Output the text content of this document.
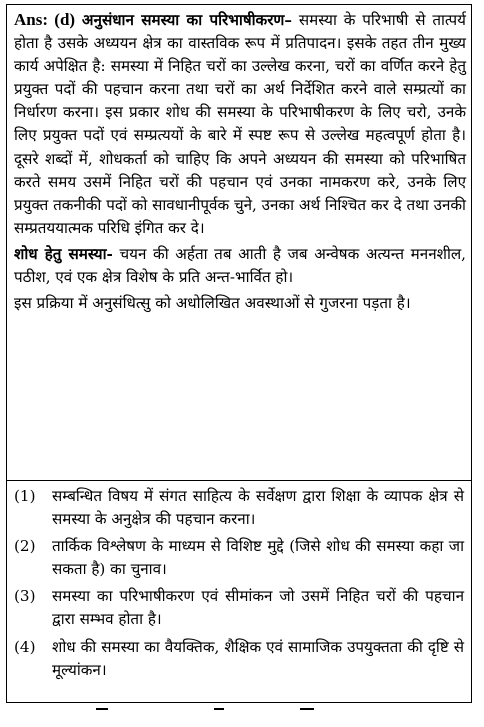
Ans: (d) अनुसंधान समस्या का परिभाषीकरण– समस्या के परिभाषी से तात्पर्य होता है उसके अध्ययन क्षेत्र का वास्तविक रूप में प्रतिपादन। इसके तहत तीन मुख्य कार्य अपेक्षित है: समस्या में निहित चरों का उल्लेख करना, चरों का वर्णित करने हेतु प्रयुक्त पदों की पहचान करना तथा चरों का अर्थ निर्देशित करने वाले सम्प्रत्यों का निर्धारण करना। इस प्रकार शोध की समस्या के परिभाषीकरण के लिए चरो, उनके लिए प्रयुक्त पदों एवं सम्प्रत्ययों के बारे में स्पष्ट रूप से उल्लेख महत्वपूर्ण होता है। दूसरे शब्दों में, शोधकर्ता को चाहिए कि अपने अध्ययन की समस्या को परिभाषित करते समय उसमें निहित चरों की पहचान एवं उनका नामकरण करे, उनके लिए प्रयुक्त तकनीकी पदों को सावधानीपूर्वक चुने, उनका अर्थ निश्चित कर दे तथा उनकी सम्प्रतययात्मक परिधि इंगित कर दे।

शोध हेतु समस्या- चयन की अर्हता तब आती है जब अन्वेषक अत्यन्त मननशील, पठीश, एवं एक क्षेत्र विशेष के प्रति अन्त-भार्वित हो।

इस प्रक्रिया में अनुसंधित्सु को अधोलिखित अवस्थाओं से गुजरना पड़ता है।

(1)	सम्बन्धित विषय में संगत साहित्य के सर्वेक्षण द्वारा शिक्षा के व्यापक क्षेत्र से समस्या के अनुक्षेत्र की पहचान करना।
(2)	तार्किक विश्लेषण के माध्यम से विशिष्ट मुद्दे (जिसे शोध की समस्या कहा जा सकता है) का चुनाव।
(3)	समस्या का परिभाषीकरण एवं सीमांकन जो उसमें निहित चरों की पहचान द्वारा सम्भव होता है।
(4)	शोध की समस्या का वैयक्तिक, शैक्षिक एवं सामाजिक उपयुक्तता की दृष्टि से मूल्यांकन।
